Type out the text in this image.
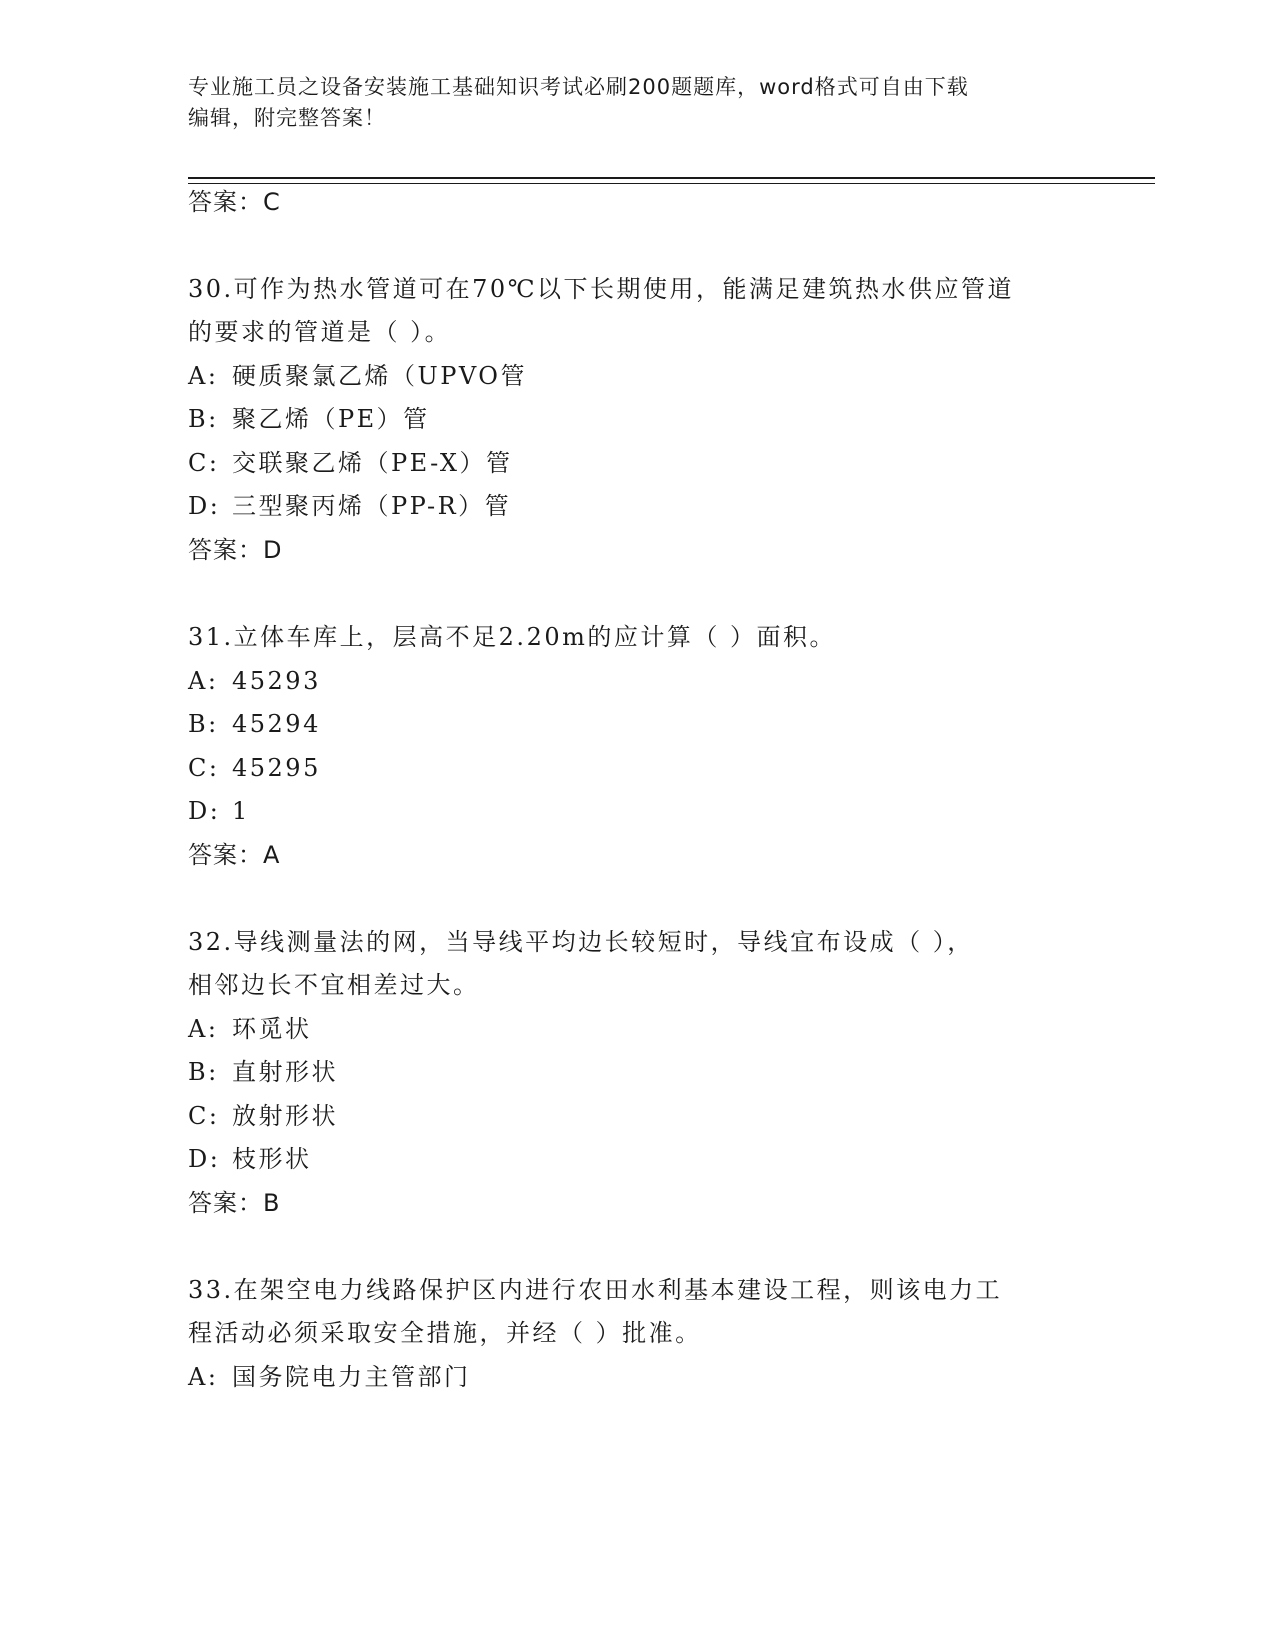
专业施工员之设备安装施工基础知识考试必刷200题题库，word格式可自由下载
编辑，附完整答案！
答案：C
30.可作为热水管道可在70℃以下长期使用，能满足建筑热水供应管道
的要求的管道是（ ）。
A: 硬质聚氯乙烯（UPVO管
B: 聚乙烯（PE）管
C: 交联聚乙烯（PE-X）管
D: 三型聚丙烯（PP-R）管
答案：D
31.立体车库上，层高不足2.20m的应计算（ ）面积。
A: 45293
B: 45294
C: 45295
D: 1
答案：A
32.导线测量法的网，当导线平均边长较短时，导线宜布设成（ ），
相邻边长不宜相差过大。
A: 环觅状
B: 直射形状
C: 放射形状
D: 枝形状
答案：B
33.在架空电力线路保护区内进行农田水利基本建设工程，则该电力工
程活动必须采取安全措施，并经（ ）批准。
A: 国务院电力主管部门
